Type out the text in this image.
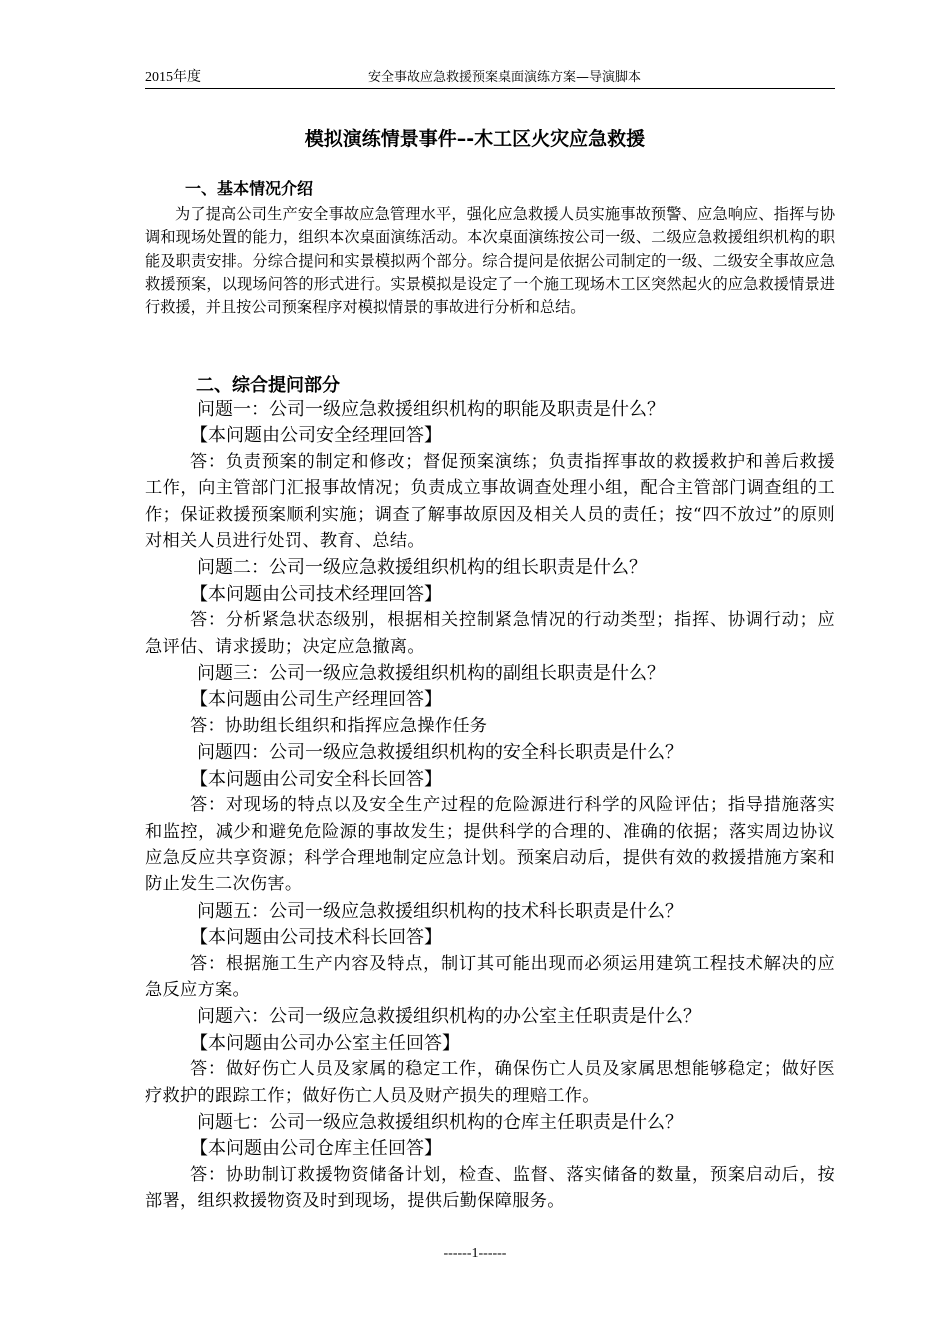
2015年度	安全事故应急救援预案桌面演练方案—导演脚本
模拟演练情景事件–-木工区火灾应急救援
一、基本情况介绍

为了提高公司生产安全事故应急管理水平，强化应急救援人员实施事故预警、应急响应、指挥与协调和现场处置的能力，组织本次桌面演练活动。本次桌面演练按公司一级、二级应急救援组织机构的职能及职责安排。分综合提问和实景模拟两个部分。综合提问是依据公司制定的一级、二级安全事故应急救援预案，以现场问答的形式进行。实景模拟是设定了一个施工现场木工区突然起火的应急救援情景进行救援，并且按公司预案程序对模拟情景的事故进行分析和总结。

二、综合提问部分

问题一：公司一级应急救援组织机构的职能及职责是什么？

【本问题由公司安全经理回答】

答：负责预案的制定和修改；督促预案演练；负责指挥事故的救援救护和善后救援工作，向主管部门汇报事故情况；负责成立事故调查处理小组，配合主管部门调查组的工作；保证救援预案顺利实施；调查了解事故原因及相关人员的责任；按“四不放过”的原则对相关人员进行处罚、教育、总结。

问题二：公司一级应急救援组织机构的组长职责是什么？

【本问题由公司技术经理回答】

答：分析紧急状态级别，根据相关控制紧急情况的行动类型；指挥、协调行动；应急评估、请求援助；决定应急撤离。

问题三：公司一级应急救援组织机构的副组长职责是什么？

【本问题由公司生产经理回答】

答：协助组长组织和指挥应急操作任务

问题四：公司一级应急救援组织机构的安全科长职责是什么？

【本问题由公司安全科长回答】

答：对现场的特点以及安全生产过程的危险源进行科学的风险评估；指导措施落实和监控，减少和避免危险源的事故发生；提供科学的合理的、准确的依据；落实周边协议应急反应共享资源；科学合理地制定应急计划。预案启动后，提供有效的救援措施方案和防止发生二次伤害。

问题五：公司一级应急救援组织机构的技术科长职责是什么？

【本问题由公司技术科长回答】

答：根据施工生产内容及特点，制订其可能出现而必须运用建筑工程技术解决的应急反应方案。

问题六：公司一级应急救援组织机构的办公室主任职责是什么？

【本问题由公司办公室主任回答】

答：做好伤亡人员及家属的稳定工作，确保伤亡人员及家属思想能够稳定；做好医疗救护的跟踪工作；做好伤亡人员及财产损失的理赔工作。

问题七：公司一级应急救援组织机构的仓库主任职责是什么？

【本问题由公司仓库主任回答】

答：协助制订救援物资储备计划，检查、监督、落实储备的数量，预案启动后，按部署，组织救援物资及时到现场，提供后勤保障服务。

------1------
